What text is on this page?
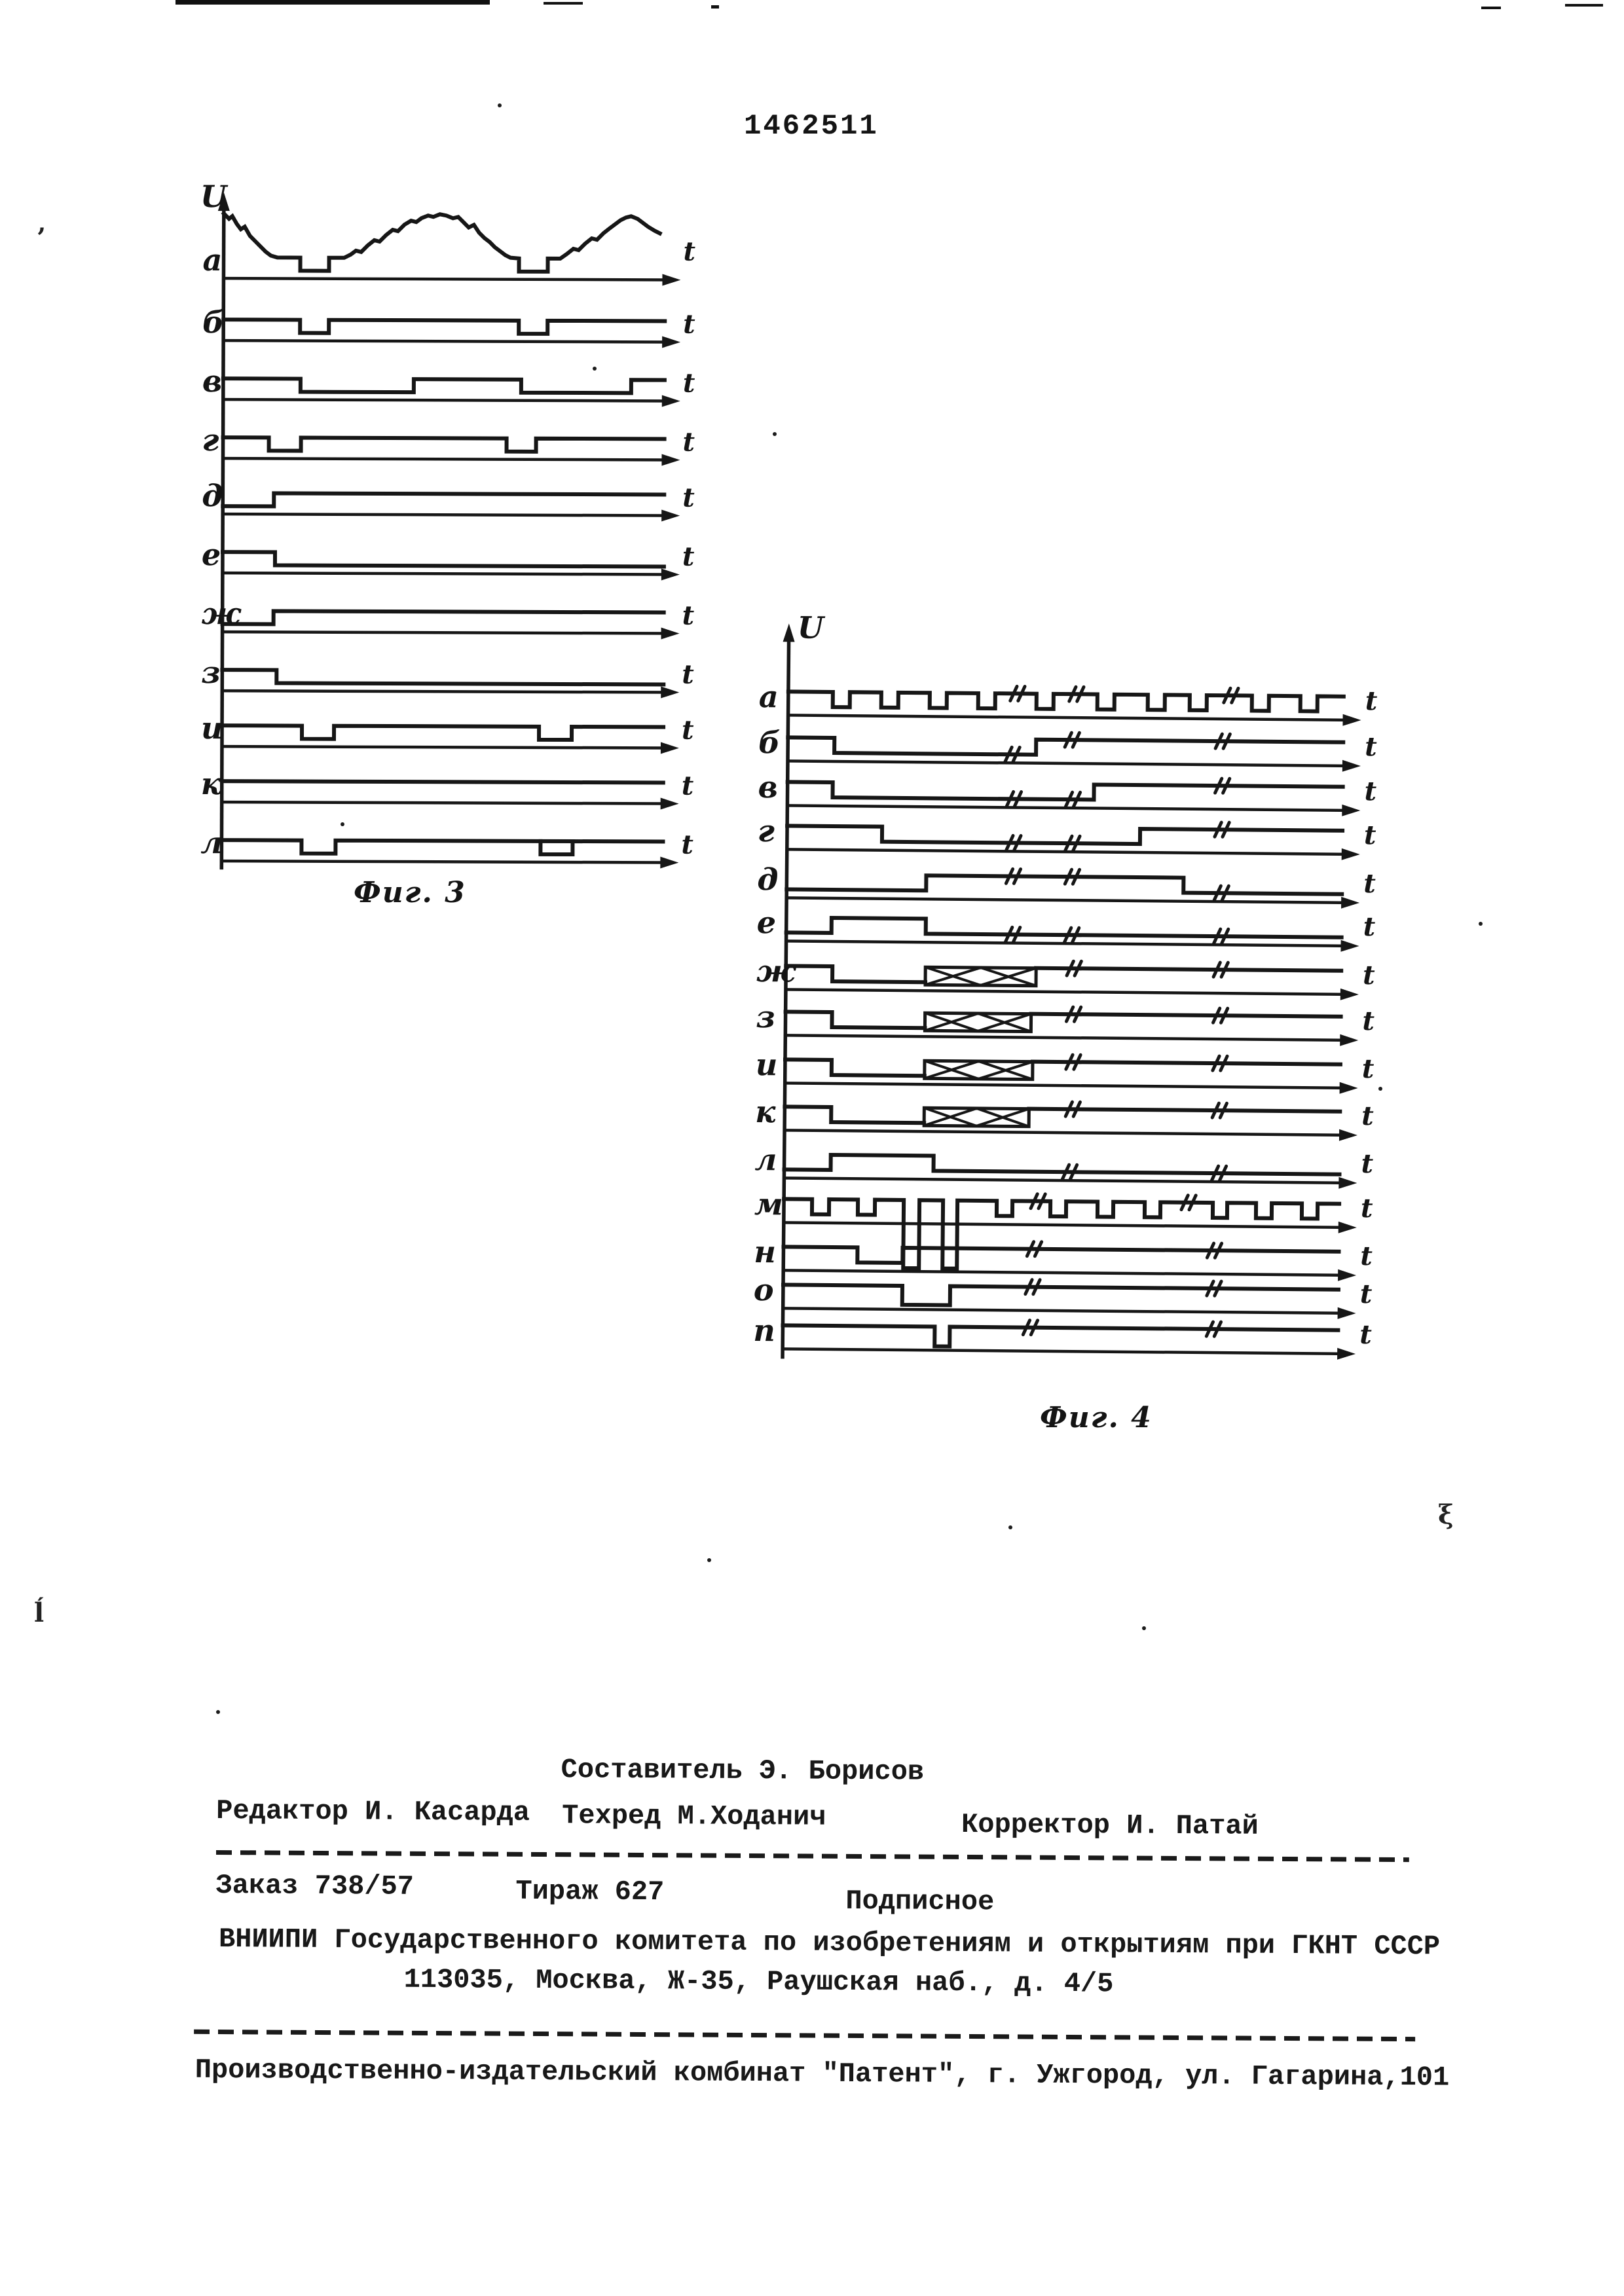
1462511
U
t
а
t
б
t
в
t
г
t
д
t
е
t
ж
t
з
t
и
t
к
t
л
Фиг. 3
U
t
а
t
б
t
в
t
г
t
д
t
е
t
ж
t
з
t
и
t
к
t
л
t
м
t
н
t
о
t
п
Фиг. 4
Составитель Э. Борисов
Редактор И. Касарда Техред М.Ходанич	Корректор И. Патай
Заказ 738/57	Тираж 627	Подписное
ВНИИПИ Государственного комитета по изобретениям и открытиям при ГКНТ СССР
113035, Москва, Ж-35, Раушская наб., д. 4/5
Производственно-издательский комбинат "Патент", г. Ужгород, ул. Гагарина,101
’
ξ
ĺ
